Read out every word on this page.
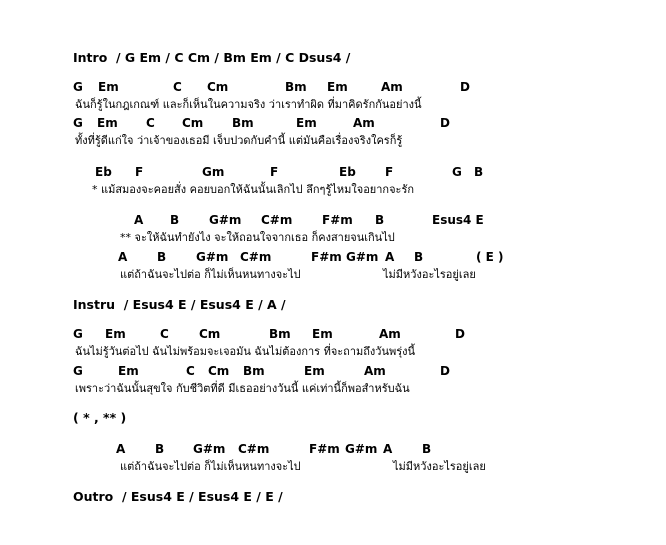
Intro  / G Em / C Cm / Bm Em / C Dsus4 /
G Em	C Cm	Bm Em	Am	D
ฉันก็รู้ในกฎเกณฑ์ และก็เห็นในความจริง ว่าเราทำผิด ที่มาคิดรักกันอย่างนี้
G Em C Cm Bm	Em	Am	D
ทั้งที่รู้ดีแก่ใจ ว่าเจ้าของเธอมี เจ็บปวดกับคำนี้ แต่มันคือเรื่องจริงใครก็รู้
Eb F	Gm	F	Eb F	G B
* แม้สมองจะคอยสั่ง คอยบอกให้ฉันนั้นเลิกไป ลึกๆรู้ไหมใจอยากจะรัก
A B G#m C#m F#m B	Esus4 E
** จะให้ฉันทำยังไง จะให้ถอนใจจากเธอ ก็คงสายจนเกินไป
A B G#m C#m	F#m G#m A B	( E )
แต่ถ้าฉันจะไปต่อ ก็ไม่เห็นหนทางจะไป	ไม่มีหวังอะไรอยู่เลย
Instru  / Esus4 E / Esus4 E / A /
G Em	C	Cm	Bm Em	Am	D
ฉันไม่รู้วันต่อไป ฉันไม่พร้อมจะเจอมัน ฉันไม่ต้องการ ที่จะถามถึงวันพรุ่งนี้
G	Em	C Cm Bm	Em	Am	D
เพราะว่าฉันนั้นสุขใจ กับชีวิตที่ดี มีเธออย่างวันนี้ แค่เท่านี้ก็พอสำหรับฉัน
( * , ** )
A B G#m C#m	F#m G#m A B
แต่ถ้าฉันจะไปต่อ ก็ไม่เห็นหนทางจะไป	ไม่มีหวังอะไรอยู่เลย
Outro  / Esus4 E / Esus4 E / E /
